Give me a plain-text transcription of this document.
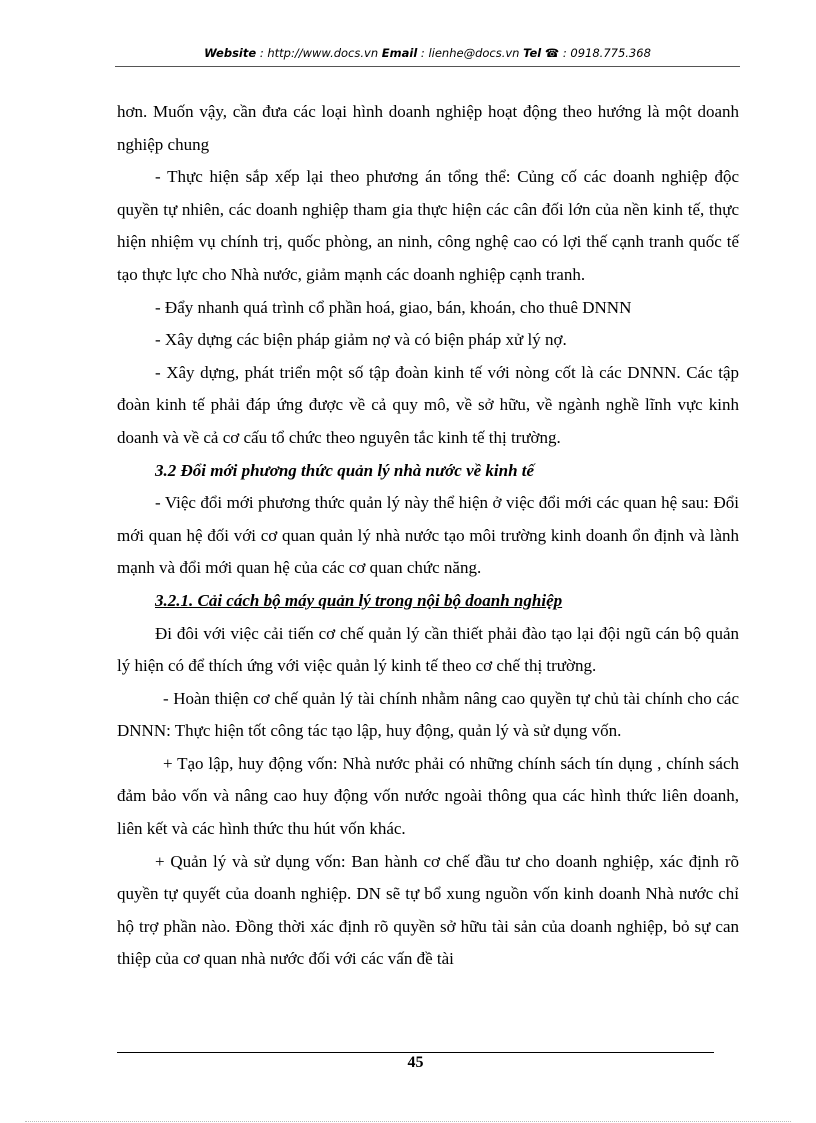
Website : http://www.docs.vn Email : lienhe@docs.vn Tel ☎ : 0918.775.368

hơn. Muốn vậy, cần đưa các loại hình doanh nghiệp hoạt động theo hướng là một doanh nghiệp chung

- Thực hiện sắp xếp lại theo phương án tổng thể: Củng cố các doanh nghiệp độc quyền tự nhiên, các doanh nghiệp tham gia thực hiện các cân đối lớn của nền kinh tế, thực hiện nhiệm vụ chính trị, quốc phòng, an ninh, công nghệ cao có lợi thế cạnh tranh quốc tế tạo thực lực cho Nhà nước, giảm mạnh các doanh nghiệp cạnh tranh.

- Đẩy nhanh quá trình cổ phần hoá, giao, bán, khoán, cho thuê DNNN

- Xây dựng các biện pháp giảm nợ và có biện pháp xử lý nợ.

- Xây dựng, phát triển một số tập đoàn kinh tế với nòng cốt là các DNNN. Các tập đoàn kinh tế phải đáp ứng được về cả quy mô, về sở hữu, về ngành nghề lĩnh vực kinh doanh và về cả cơ cấu tổ chức theo nguyên tắc kinh tế thị trường.

3.2 Đổi mới phương thức quản lý nhà nước về kinh tế

- Việc đổi mới phương thức quản lý này thể hiện ở việc đổi mới các quan hệ sau: Đổi mới quan hệ đối với cơ quan quản lý nhà nước tạo môi trường kinh doanh ổn định và lành mạnh và đổi mới quan hệ của các cơ quan chức năng.

3.2.1. Cải cách bộ máy quản lý trong nội bộ doanh nghiệp

Đi đôi với việc cải tiến cơ chế quản lý cần thiết phải đào tạo lại đội ngũ cán bộ quản lý hiện có để thích ứng với việc quản lý kinh tế theo cơ chế thị trường.

- Hoàn thiện cơ chế quản lý tài chính nhằm nâng cao quyền tự chủ tài chính cho các DNNN: Thực hiện tốt công tác tạo lập, huy động, quản lý và sử dụng vốn.

+ Tạo lập, huy động vốn: Nhà nước phải có những chính sách tín dụng , chính sách đảm bảo vốn và nâng cao huy động vốn nước ngoài thông qua các hình thức liên doanh, liên kết và các hình thức thu hút vốn khác.

+ Quản lý và sử dụng vốn: Ban hành cơ chế đầu tư cho doanh nghiệp, xác định rõ quyền tự quyết của doanh nghiệp. DN sẽ tự bổ xung nguồn vốn kinh doanh Nhà nước chỉ hộ trợ phần nào. Đồng thời xác định rõ quyền sở hữu tài sản của doanh nghiệp, bỏ sự can thiệp của cơ quan nhà nước đối với các vấn đề tài

45
